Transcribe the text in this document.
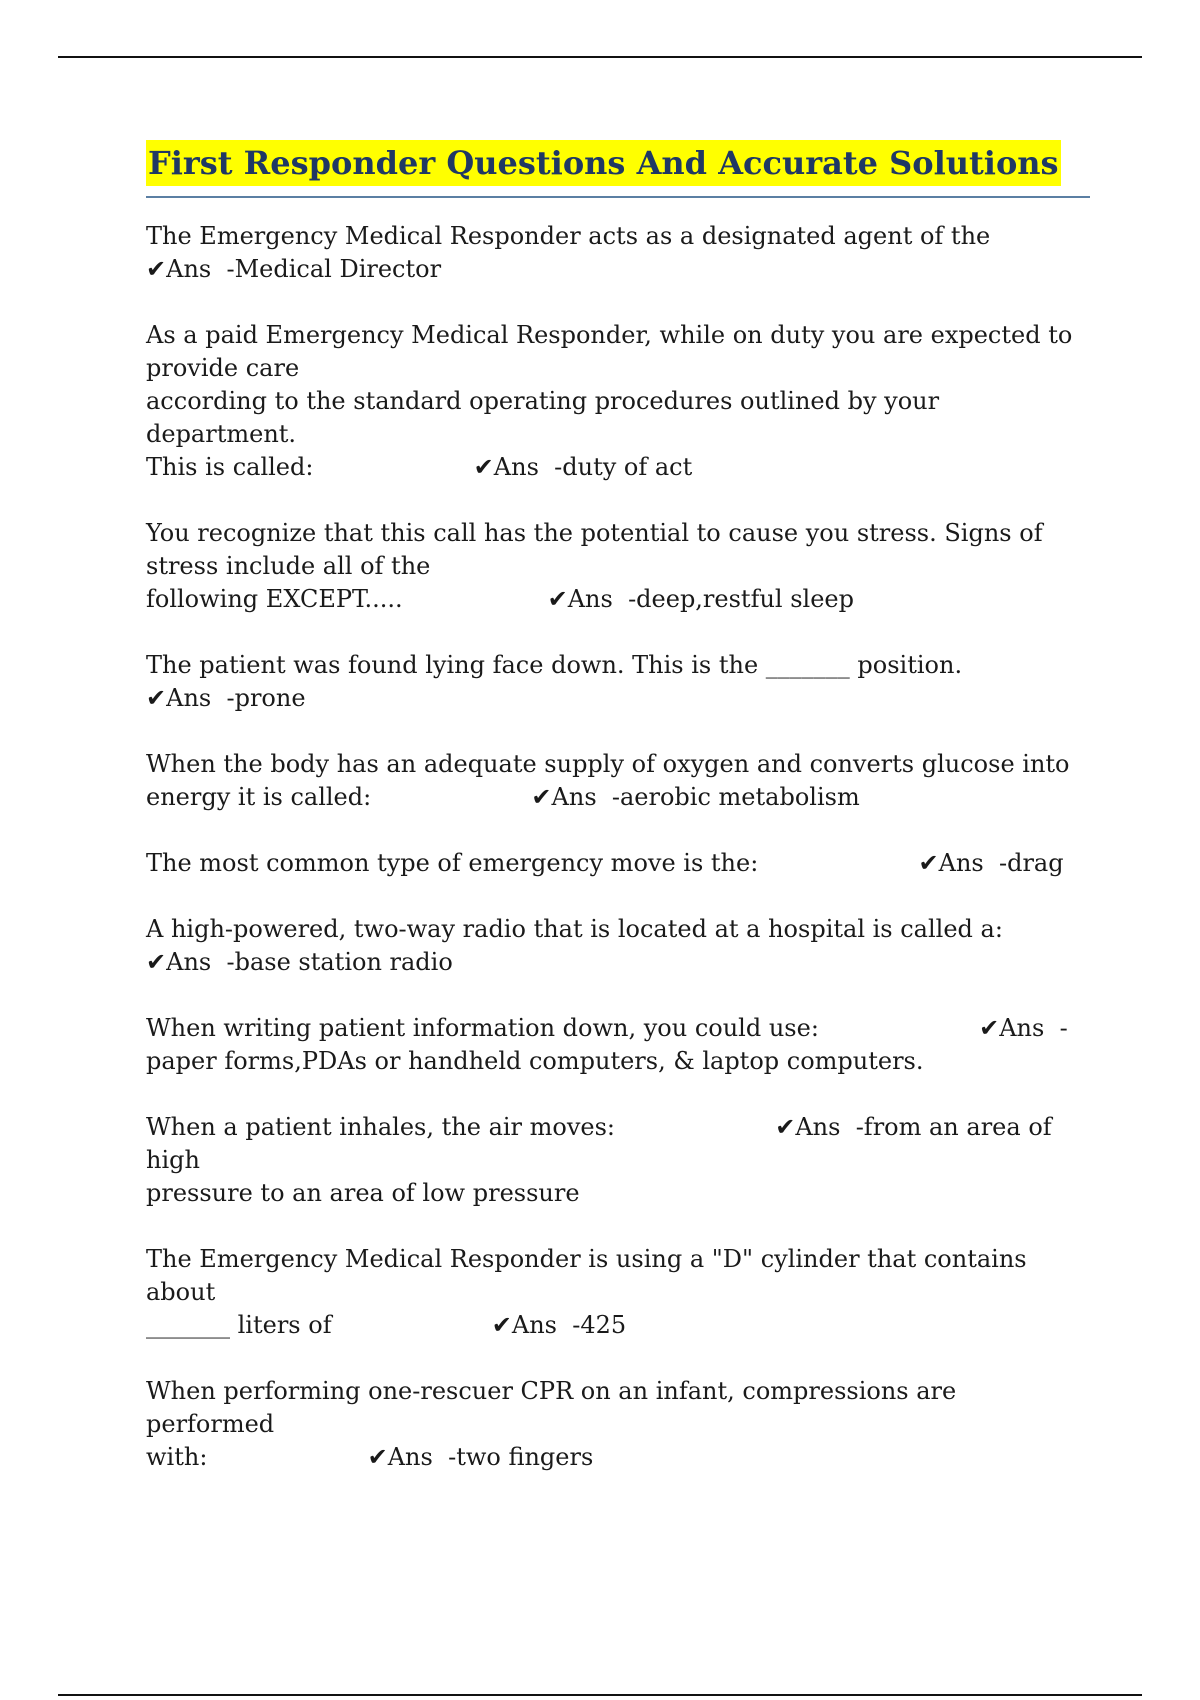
First Responder Questions And Accurate Solutions

The Emergency Medical Responder acts as a designated agent of the
✔Ans  -Medical Director

As a paid Emergency Medical Responder, while on duty you are expected to
provide care
according to the standard operating procedures outlined by your department.
This is called:                     ✔Ans  -duty of act

You recognize that this call has the potential to cause you stress. Signs of
stress include all of the
following EXCEPT.....                   ✔Ans  -deep,restful sleep

The patient was found lying face down. This is the _______ position.
✔Ans  -prone

When the body has an adequate supply of oxygen and converts glucose into
energy it is called:                     ✔Ans  -aerobic metabolism

The most common type of emergency move is the:                     ✔Ans  -drag

A high-powered, two-way radio that is located at a hospital is called a:
✔Ans  -base station radio

When writing patient information down, you could use:                     ✔Ans  -
paper forms,PDAs or handheld computers, & laptop computers.

When a patient inhales, the air moves:                     ✔Ans  -from an area of high
pressure to an area of low pressure

The Emergency Medical Responder is using a "D" cylinder that contains about
_______ liters of                     ✔Ans  -425

When performing one-rescuer CPR on an infant, compressions are performed
with:                     ✔Ans  -two fingers
